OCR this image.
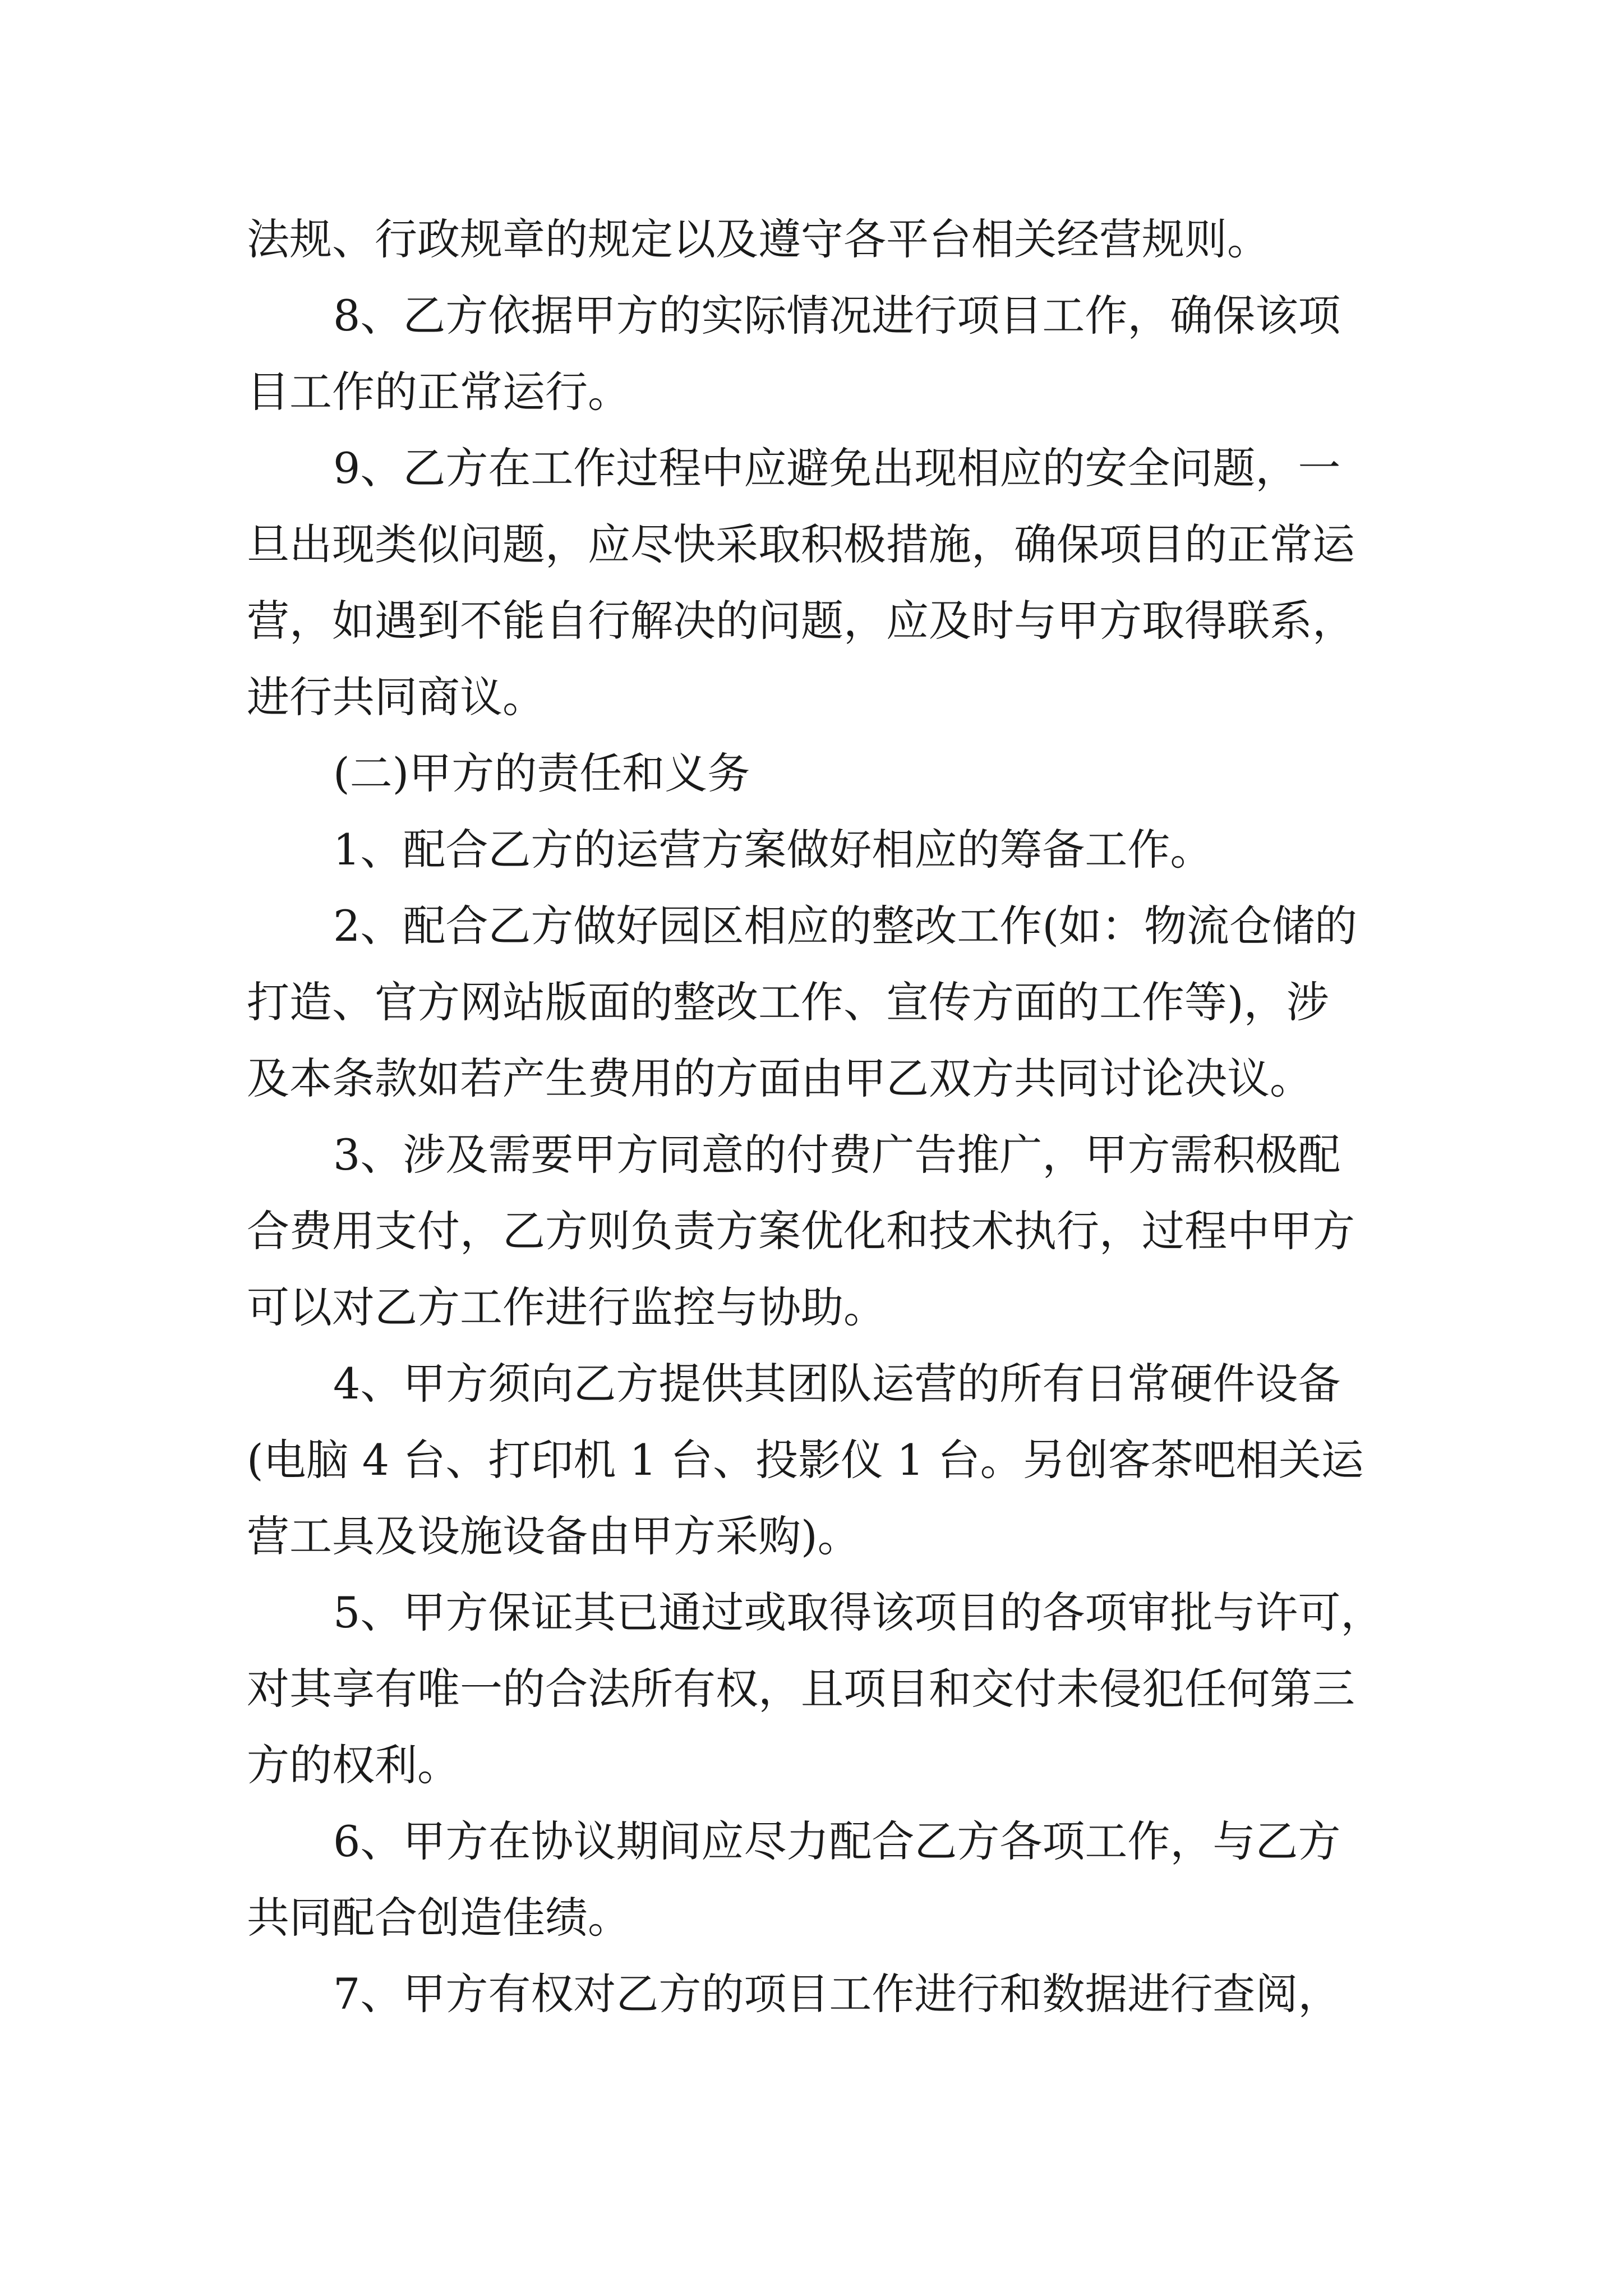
法规、行政规章的规定以及遵守各平台相关经营规则。
8、乙方依据甲方的实际情况进行项目工作，确保该项
目工作的正常运行。
9、乙方在工作过程中应避免出现相应的安全问题，一
旦出现类似问题，应尽快采取积极措施，确保项目的正常运
营，如遇到不能自行解决的问题，应及时与甲方取得联系，
进行共同商议。
(二)甲方的责任和义务
1、配合乙方的运营方案做好相应的筹备工作。
2、配合乙方做好园区相应的整改工作(如：物流仓储的
打造、官方网站版面的整改工作、宣传方面的工作等)，涉
及本条款如若产生费用的方面由甲乙双方共同讨论决议。
3、涉及需要甲方同意的付费广告推广，甲方需积极配
合费用支付，乙方则负责方案优化和技术执行，过程中甲方
可以对乙方工作进行监控与协助。
4、甲方须向乙方提供其团队运营的所有日常硬件设备
(电脑 4 台、打印机 1 台、投影仪 1 台。另创客茶吧相关运
营工具及设施设备由甲方采购)。
5、甲方保证其已通过或取得该项目的各项审批与许可，
对其享有唯一的合法所有权，且项目和交付未侵犯任何第三
方的权利。
6、甲方在协议期间应尽力配合乙方各项工作，与乙方
共同配合创造佳绩。
7、甲方有权对乙方的项目工作进行和数据进行查阅，
